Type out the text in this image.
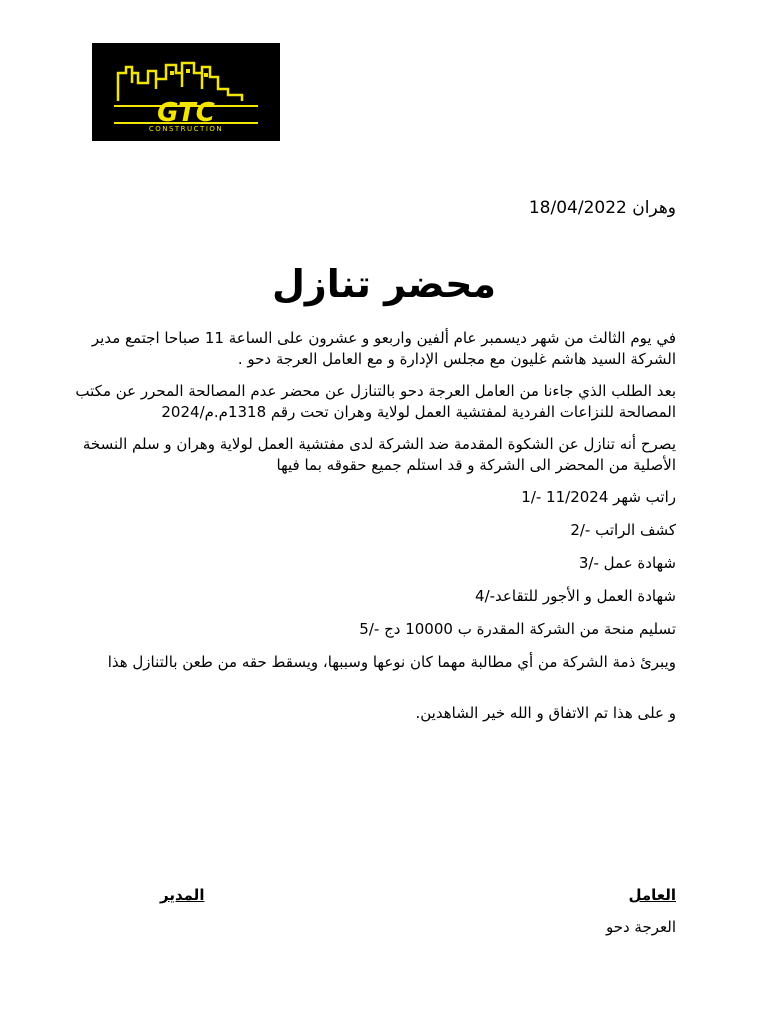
GTC
CONSTRUCTION
وهران 18/04/2022
محضر تنازل

في يوم الثالث من شهر ديسمبر عام ألفين واربعو و عشرون على الساعة 11 صباحا اجتمع مدير الشركة السيد هاشم غليون مع مجلس الإدارة و مع العامل العرجة دحو .

بعد الطلب الذي جاءنا من العامل العرجة دحو بالتنازل عن محضر عدم المصالحة المحرر عن مكتب المصالحة للنزاعات الفردية لمفتشية العمل لولاية وهران تحت رقم 1318م.م/2024

يصرح أنه تنازل عن الشكوة المقدمة ضد الشركة لدى مفتشية العمل لولاية وهران و سلم النسخة الأصلية من المحضر الى الشركة و قد استلم جميع حقوقه بما فيها

راتب شهر 11/2024 -/1

كشف الراتب -/2

شهادة عمل -/3

شهادة العمل و الأجور للتقاعد-/4

تسليم منحة من الشركة المقدرة ب 10000 دج -/5

ويبرئ ذمة الشركة من أي مطالبة مهما كان نوعها وسببها، ويسقط حقه من طعن بالتنازل هذا

و على هذا تم الاتفاق و الله خير الشاهدين.

العامل
المدير
العرجة دحو
